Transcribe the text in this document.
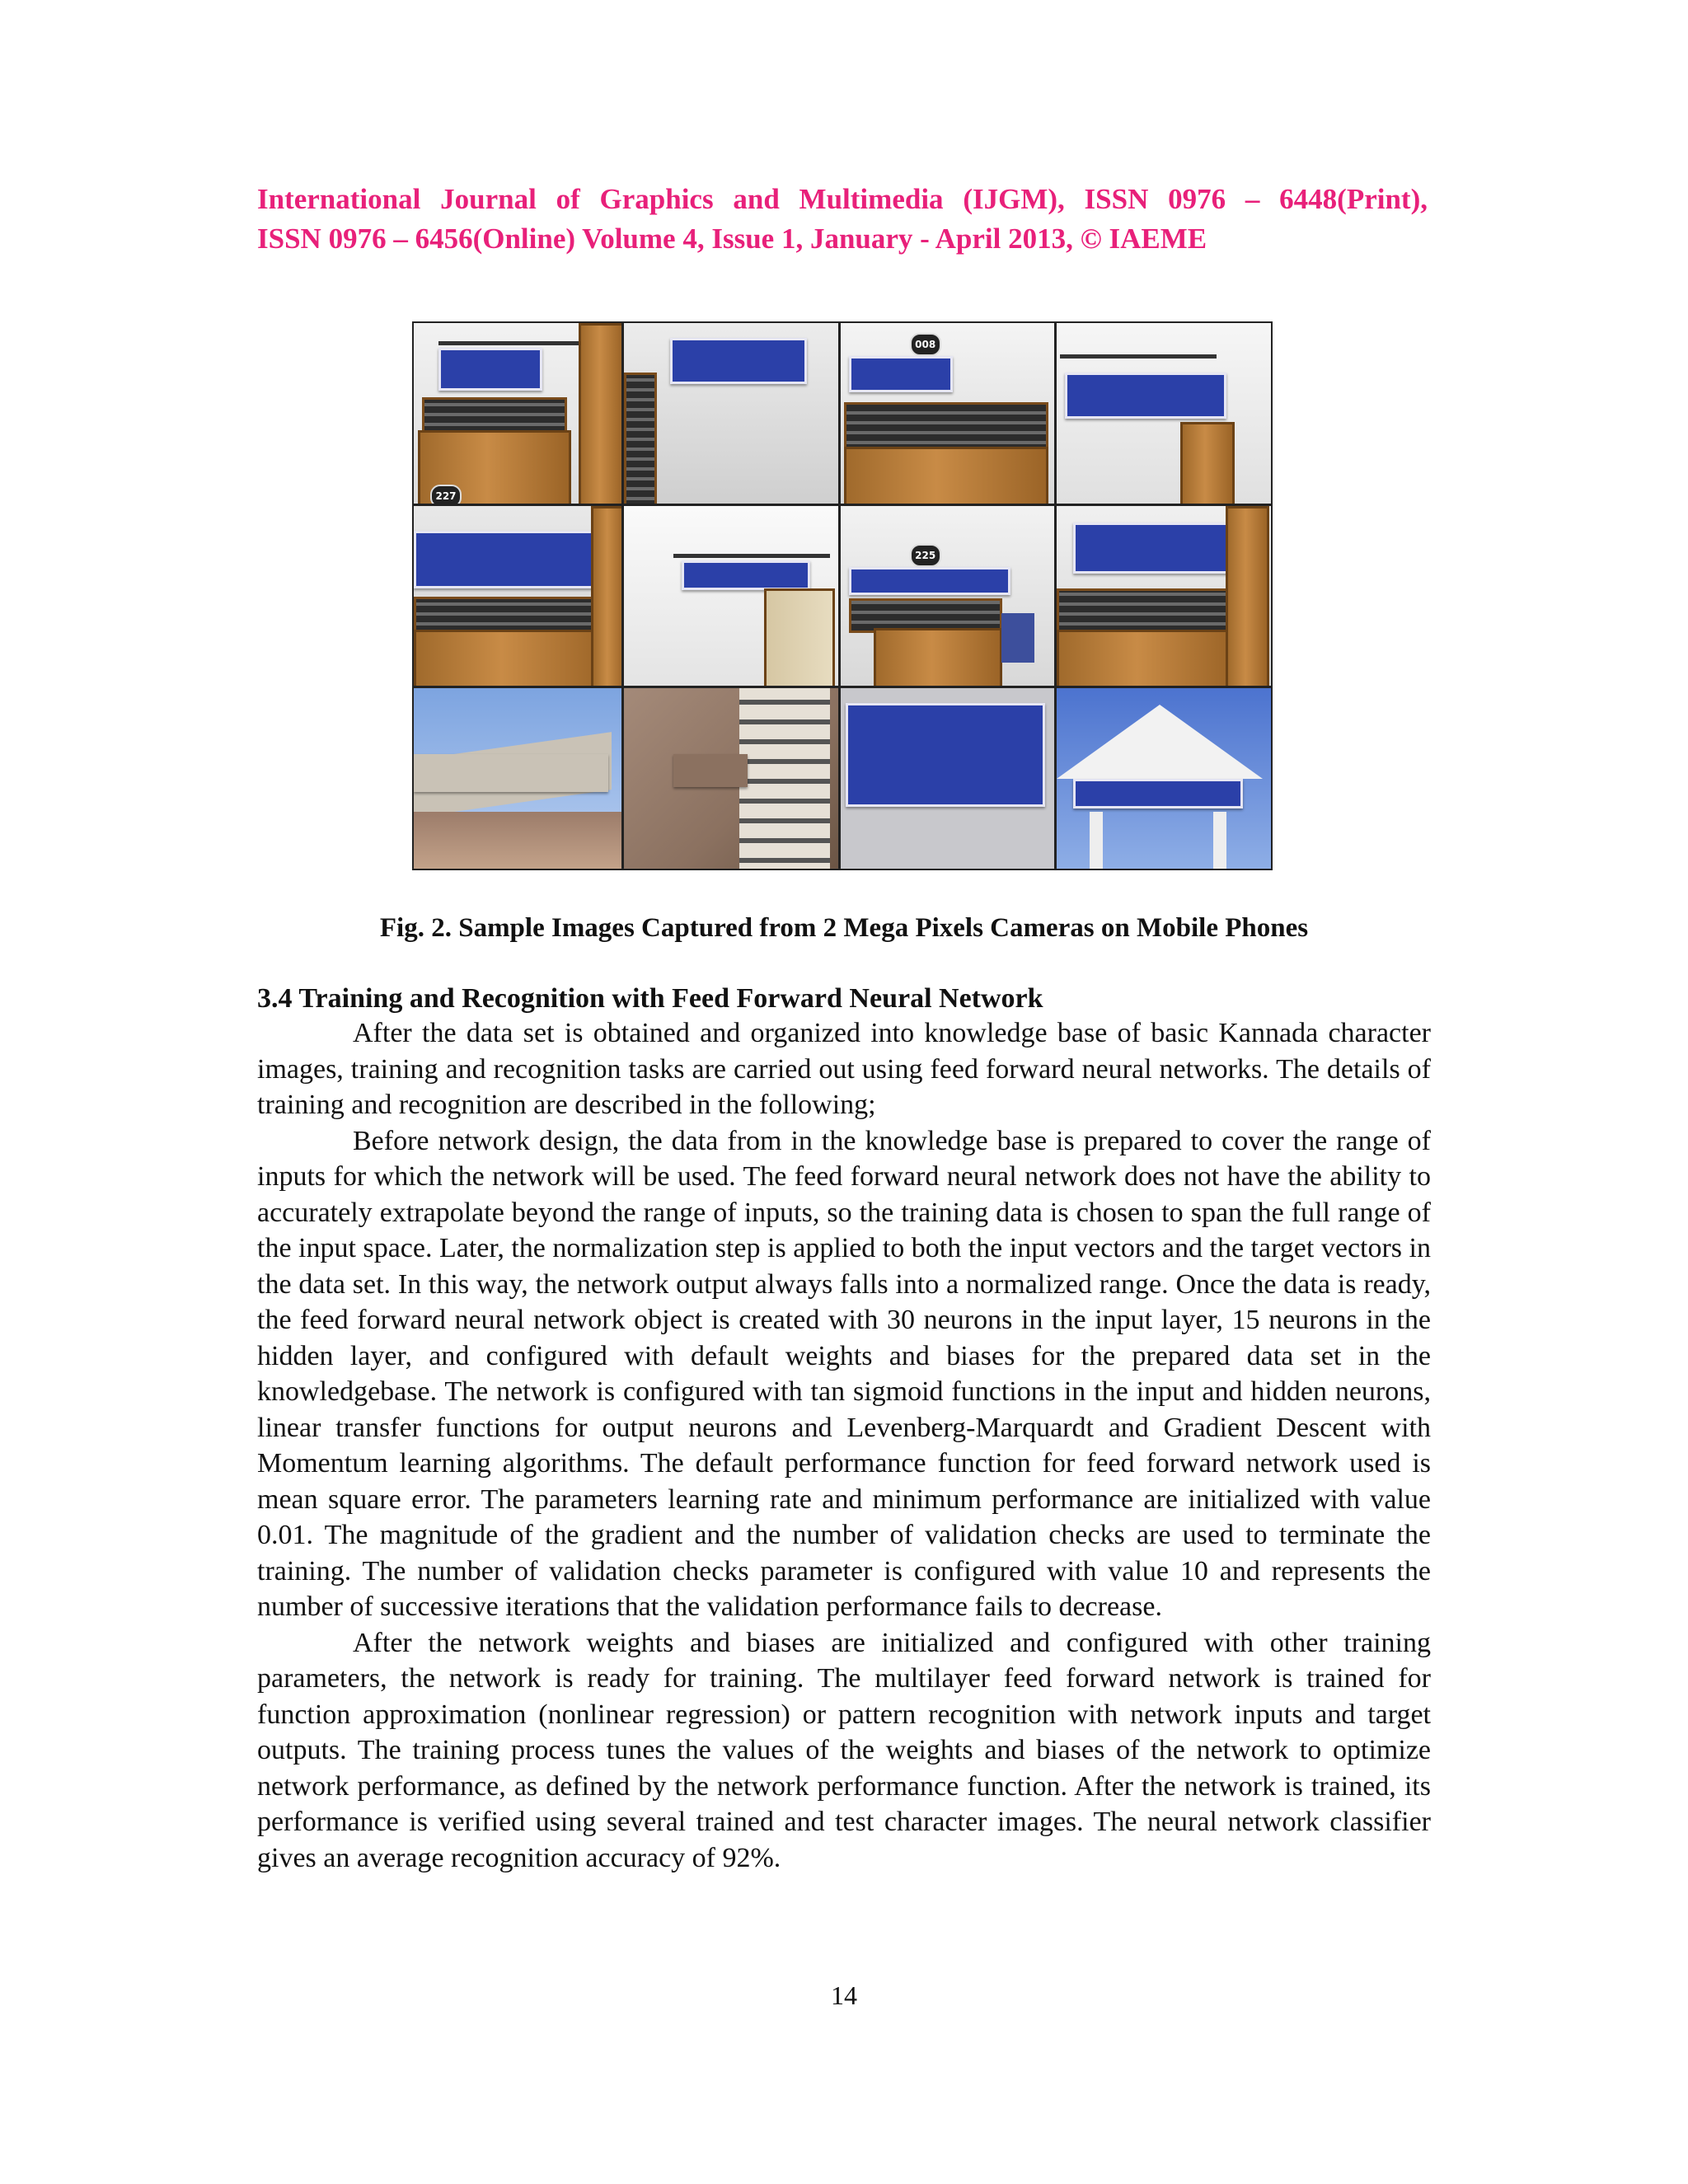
International Journal of Graphics and Multimedia (IJGM), ISSN 0976 – 6448(Print),
ISSN 0976 – 6456(Online) Volume 4, Issue 1, January - April 2013, © IAEME
227
008
225
Fig. 2. Sample Images Captured from 2 Mega Pixels Cameras on Mobile Phones
3.4 Training and Recognition with Feed Forward Neural Network

After the data set is obtained and organized into knowledge base of basic Kannada character images, training and recognition tasks are carried out using feed forward neural networks. The details of training and recognition are described in the following;

Before network design, the data from in the knowledge base is prepared to cover the range of inputs for which the network will be used. The feed forward neural network does not have the ability to accurately extrapolate beyond the range of inputs, so the training data is chosen to span the full range of the input space. Later, the normalization step is applied to both the input vectors and the target vectors in the data set. In this way, the network output always falls into a normalized range. Once the data is ready, the feed forward neural network object is created with 30 neurons in the input layer, 15 neurons in the hidden layer, and configured with default weights and biases for the prepared data set in the knowledgebase. The network is configured with tan sigmoid functions in the input and hidden neurons, linear transfer functions for output neurons and Levenberg-Marquardt and Gradient Descent with Momentum learning algorithms. The default performance function for feed forward network used is mean square error. The parameters learning rate and minimum performance are initialized with value 0.01. The magnitude of the gradient and the number of validation checks are used to terminate the training. The number of validation checks parameter is configured with value 10 and represents the number of successive iterations that the validation performance fails to decrease.

After the network weights and biases are initialized and configured with other training parameters, the network is ready for training. The multilayer feed forward network is trained for function approximation (nonlinear regression) or pattern recognition with network inputs and target outputs. The training process tunes the values of the weights and biases of the network to optimize network performance, as defined by the network performance function. After the network is trained, its performance is verified using several trained and test character images. The neural network classifier gives an average recognition accuracy of 92%.

14
